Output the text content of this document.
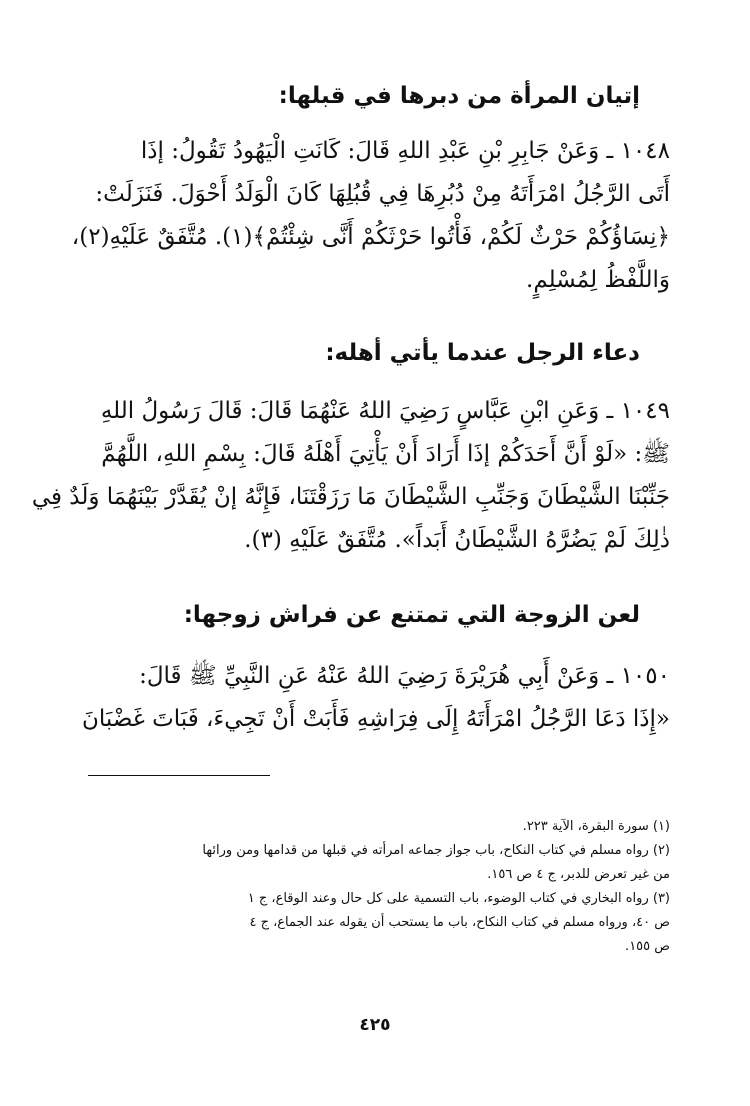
إتيان المرأة من دبرها في قبلها:
١٠٤٨ ـ وَعَنْ جَابِرِ بْنِ عَبْدِ اللهِ قَالَ: كَانَتِ الْيَهُودُ تَقُولُ: إذَا
أَتَى الرَّجُلُ امْرَأَتَهُ مِنْ دُبُرِهَا فِي قُبُلِهَا كَانَ الْوَلَدُ أَحْوَلَ. فَنَزَلَتْ:
﴿نِسَاؤُكُمْ حَرْثٌ لَكُمْ، فَأْتُوا حَرْثَكُمْ أَنَّى شِئْتُمْ﴾(١). مُتَّفَقٌ عَلَيْهِ(٢)،
وَاللَّفْظُ لِمُسْلِمٍ.
دعاء الرجل عندما يأتي أهله:
١٠٤٩ ـ وَعَنِ ابْنِ عَبَّاسٍ رَضِيَ اللهُ عَنْهُمَا قَالَ: قَالَ رَسُولُ اللهِ
ﷺ: «لَوْ أَنَّ أَحَدَكُمْ إذَا أَرَادَ أَنْ يَأْتِيَ أَهْلَهُ قَالَ: بِسْمِ اللهِ، اللَّهُمَّ
جَنِّبْنَا الشَّيْطَانَ وَجَنِّبِ الشَّيْطَانَ مَا رَزَقْتَنَا، فَإِنَّهُ إنْ يُقَدَّرْ بَيْنَهُمَا وَلَدٌ فِي
ذٰلِكَ لَمْ يَضُرَّهُ الشَّيْطَانُ أَبَداً». مُتَّفَقٌ عَلَيْهِ (٣).
لعن الزوجة التي تمتنع عن فراش زوجها:
١٠٥٠ ـ وَعَنْ أَبِي هُرَيْرَةَ رَضِيَ اللهُ عَنْهُ عَنِ النَّبِيِّ ﷺ قَالَ:
«إِذَا دَعَا الرَّجُلُ امْرَأَتَهُ إِلَى فِرَاشِهِ فَأَبَتْ أَنْ تَجِيءَ، فَبَاتَ غَضْبَانَ
(١) سورة البقرة، الآية ٢٢٣.
(٢) رواه مسلم في كتاب النكاح، باب جواز جماعه امرأته في قبلها من قدامها ومن ورائها
من غير تعرض للدبر، ج ٤ ص ١٥٦.
(٣) رواه البخاري في كتاب الوضوء، باب التسمية على كل حال وعند الوقاع، ج ١
ص ٤٠، ورواه مسلم في كتاب النكاح، باب ما يستحب أن يقوله عند الجماع، ج ٤
ص ١٥٥.
٤٢٥
